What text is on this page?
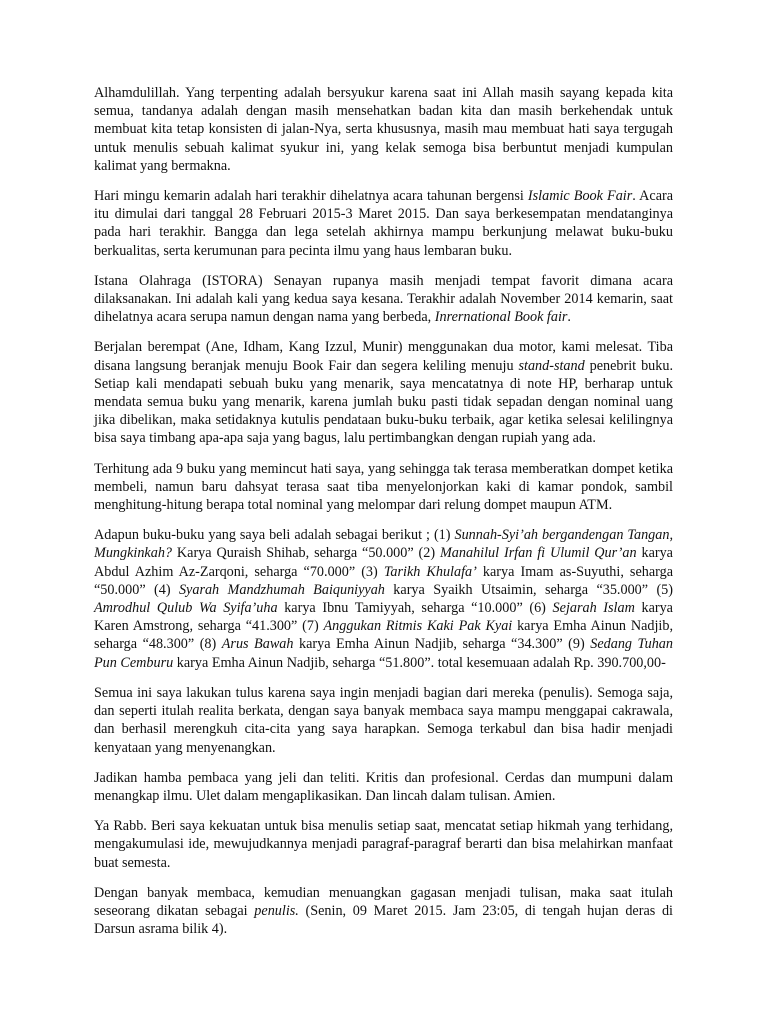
Alhamdulillah. Yang terpenting adalah bersyukur karena saat ini Allah masih sayang kepada kita semua, tandanya adalah dengan masih mensehatkan badan kita dan masih berkehendak untuk membuat kita tetap konsisten di jalan-Nya, serta khususnya, masih mau membuat hati saya tergugah untuk menulis sebuah kalimat syukur ini, yang kelak semoga bisa berbuntut menjadi kumpulan kalimat yang bermakna.

Hari mingu kemarin adalah hari terakhir dihelatnya acara tahunan bergensi Islamic Book Fair. Acara itu dimulai dari tanggal 28 Februari 2015-3 Maret 2015. Dan saya berkesempatan mendatanginya pada hari terakhir. Bangga dan lega setelah akhirnya mampu berkunjung melawat buku-buku berkualitas, serta kerumunan para pecinta ilmu yang haus lembaran buku.

Istana Olahraga (ISTORA) Senayan rupanya masih menjadi tempat favorit dimana acara dilaksanakan. Ini adalah kali yang kedua saya kesana. Terakhir adalah November 2014 kemarin, saat dihelatnya acara serupa namun dengan nama yang berbeda, Inrernational Book fair.

Berjalan berempat (Ane, Idham, Kang Izzul, Munir) menggunakan dua motor, kami melesat. Tiba disana langsung beranjak menuju Book Fair dan segera keliling menuju stand-stand penebrit buku. Setiap kali mendapati sebuah buku yang menarik, saya mencatatnya di note HP, berharap untuk mendata semua buku yang menarik, karena jumlah buku pasti tidak sepadan dengan nominal uang jika dibelikan, maka setidaknya kutulis pendataan buku-buku terbaik, agar ketika selesai kelilingnya bisa saya timbang apa-apa saja yang bagus, lalu pertimbangkan dengan rupiah yang ada.

Terhitung ada 9 buku yang memincut hati saya, yang sehingga tak terasa memberatkan dompet ketika membeli, namun baru dahsyat terasa saat tiba menyelonjorkan kaki di kamar pondok, sambil menghitung-hitung berapa total nominal yang melompar dari relung dompet maupun ATM.

Adapun buku-buku yang saya beli adalah sebagai berikut ; (1) Sunnah-Syi’ah bergandengan Tangan, Mungkinkah? Karya Quraish Shihab, seharga “50.000” (2) Manahilul Irfan fi Ulumil Qur’an karya Abdul Azhim Az-Zarqoni, seharga “70.000” (3) Tarikh Khulafa’ karya Imam as-Suyuthi, seharga “50.000” (4) Syarah Mandzhumah Baiquniyyah karya Syaikh Utsaimin, seharga “35.000” (5) Amrodhul Qulub Wa Syifa’uha karya Ibnu Tamiyyah, seharga “10.000” (6) Sejarah Islam karya Karen Amstrong, seharga “41.300” (7) Anggukan Ritmis Kaki Pak Kyai karya Emha Ainun Nadjib, seharga “48.300” (8) Arus Bawah karya Emha Ainun Nadjib, seharga “34.300” (9) Sedang Tuhan Pun Cemburu karya Emha Ainun Nadjib, seharga “51.800”. total kesemuaan adalah Rp. 390.700,00-

Semua ini saya lakukan tulus karena saya ingin menjadi bagian dari mereka (penulis). Semoga saja, dan seperti itulah realita berkata, dengan saya banyak membaca saya mampu menggapai cakrawala, dan berhasil merengkuh cita-cita yang saya harapkan. Semoga terkabul dan bisa hadir menjadi kenyataan yang menyenangkan.

Jadikan hamba pembaca yang jeli dan teliti. Kritis dan profesional. Cerdas dan mumpuni dalam menangkap ilmu. Ulet dalam mengaplikasikan. Dan lincah dalam tulisan. Amien.

Ya Rabb. Beri saya kekuatan untuk bisa menulis setiap saat, mencatat setiap hikmah yang terhidang, mengakumulasi ide, mewujudkannya menjadi paragraf-paragraf berarti dan bisa melahirkan manfaat buat semesta.

Dengan banyak membaca, kemudian menuangkan gagasan menjadi tulisan, maka saat itulah seseorang dikatan sebagai penulis. (Senin, 09 Maret 2015. Jam 23:05, di tengah hujan deras di Darsun asrama bilik 4).
